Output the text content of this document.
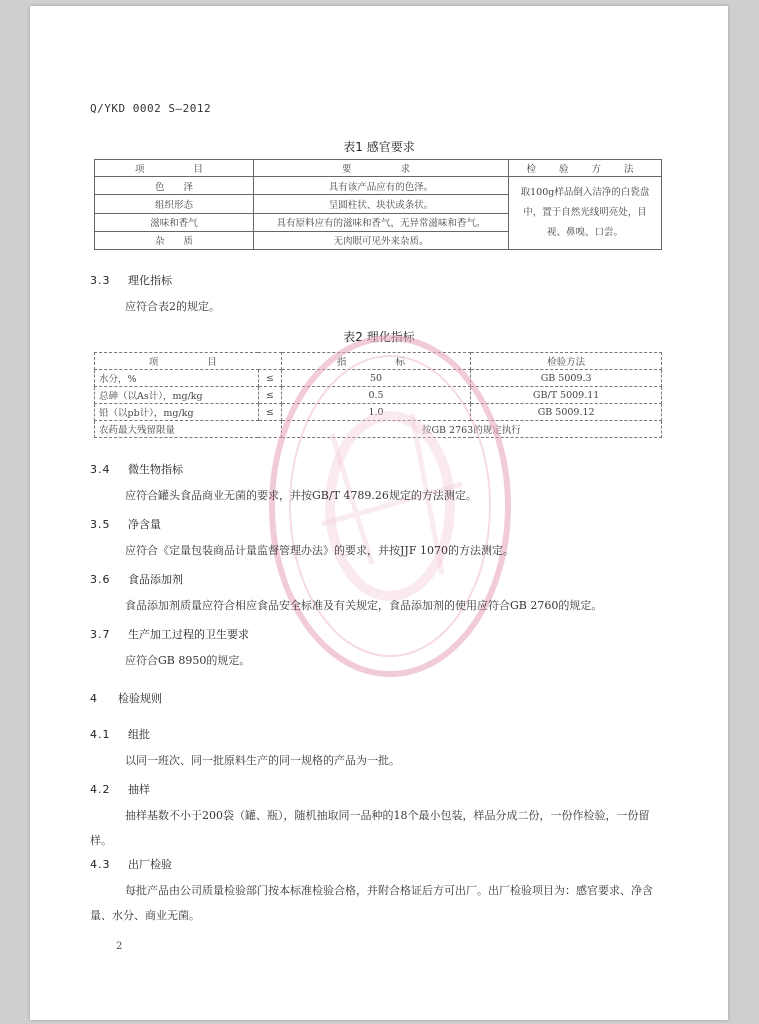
Q/YKD 0002 S—2012
表1 感官要求
项　　目	要　　求	检 验 方 法
色　　泽	具有该产品应有的色泽。	取100g样品倒入洁净的白瓷盘中，置于自然光线明亮处，目视、鼻嗅、口尝。
组织形态	呈圆柱状、块状或条状。	
滋味和香气	具有原料应有的滋味和香气，无异常滋味和香气。	
杂　　质	无肉眼可见外来杂质。	
3.3 理化指标
应符合表2的规定。
表2 理化指标
项　　目		指　　标	检验方法
水分，%	≤	50	GB 5009.3
总砷（以As计），mg/kg	≤	0.5	GB/T 5009.11
铅（以pb计），mg/kg	≤	1.0	GB 5009.12
农药最大残留限量		按GB 2763的规定执行	
3.4 微生物指标
应符合罐头食品商业无菌的要求，并按GB/T 4789.26规定的方法测定。
3.5 净含量
应符合《定量包装商品计量监督管理办法》的要求，并按JJF 1070的方法测定。
3.6 食品添加剂
食品添加剂质量应符合相应食品安全标准及有关规定，食品添加剂的使用应符合GB 2760的规定。
3.7 生产加工过程的卫生要求
应符合GB 8950的规定。
4 检验规则
4.1 组批
以同一班次、同一批原料生产的同一规格的产品为一批。
4.2 抽样
抽样基数不小于200袋（罐、瓶），随机抽取同一品种的18个最小包装，样品分成二份，一份作检验，一份留样。
4.3 出厂检验
每批产品由公司质量检验部门按本标准检验合格，并附合格证后方可出厂。出厂检验项目为：感官要求、净含量、水分、商业无菌。
2
